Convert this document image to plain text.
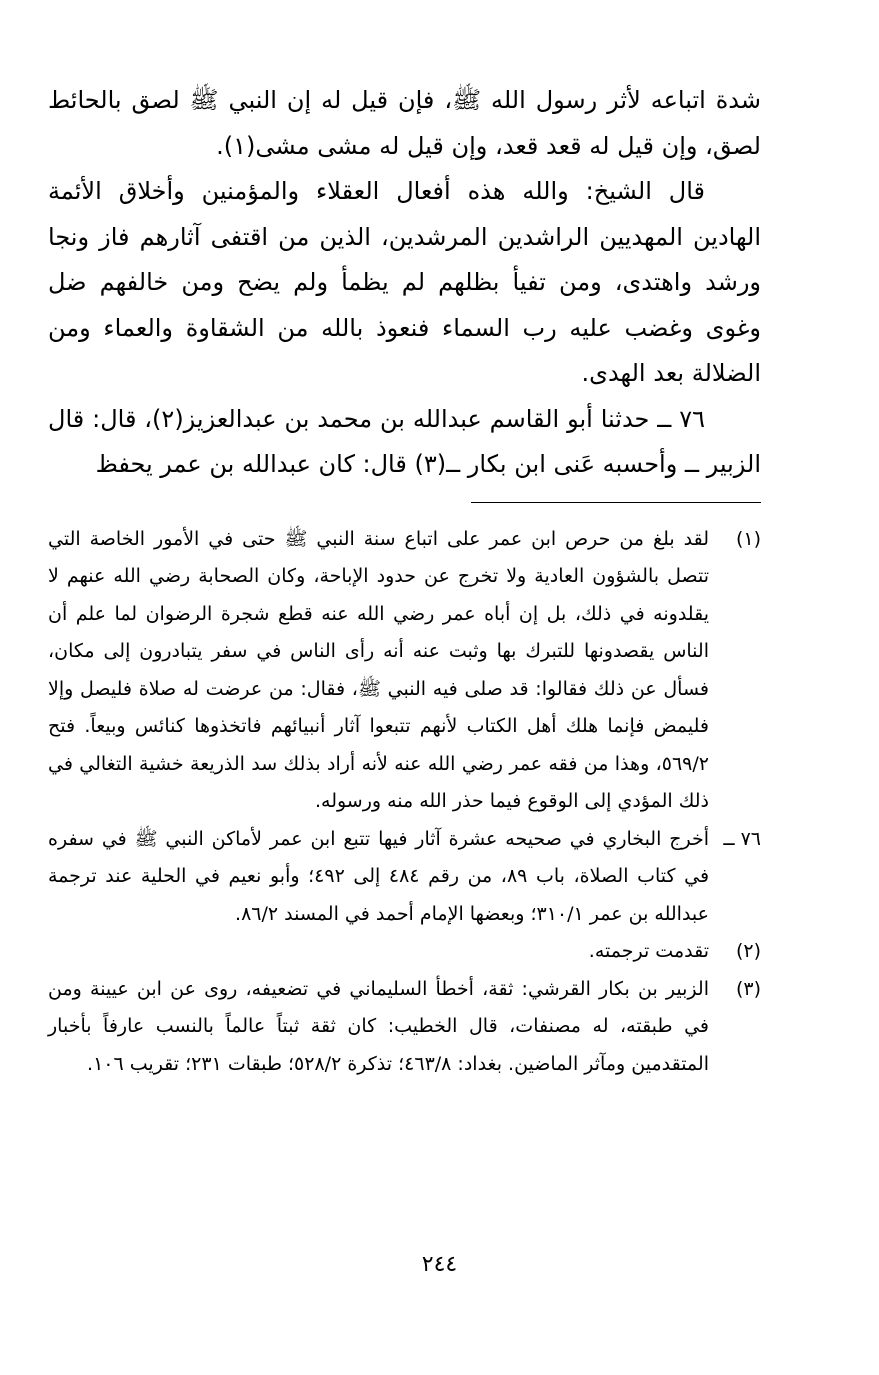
شدة اتباعه لأثر رسول الله ﷺ، فإن قيل له إن النبي ﷺ لصق بالحائط لصق، وإن قيل له قعد قعد، وإن قيل له مشى مشى(١).

قال الشيخ: والله هذه أفعال العقلاء والمؤمنين وأخلاق الأئمة الهادين المهديين الراشدين المرشدين، الذين من اقتفى آثارهم فاز ونجا ورشد واهتدى، ومن تفيأ بظلهم لم يظمأ ولم يضح ومن خالفهم ضل وغوى وغضب عليه رب السماء فنعوذ بالله من الشقاوة والعماء ومن الضلالة بعد الهدى.

٧٦ ــ حدثنا أبو القاسم عبدالله بن محمد بن عبدالعزيز(٢)، قال: قال الزبير ــ وأحسبه عَنى ابن بكار ــ(٣) قال: كان عبدالله بن عمر يحفظ

(١)
لقد بلغ من حرص ابن عمر على اتباع سنة النبي ﷺ حتى في الأمور الخاصة التي تتصل بالشؤون العادية ولا تخرج عن حدود الإباحة، وكان الصحابة رضي الله عنهم لا يقلدونه في ذلك، بل إن أباه عمر رضي الله عنه قطع شجرة الرضوان لما علم أن الناس يقصدونها للتبرك بها وثبت عنه أنه رأى الناس في سفر يتبادرون إلى مكان، فسأل عن ذلك فقالوا: قد صلى فيه النبي ﷺ، فقال: من عرضت له صلاة فليصل وإلا فليمض فإنما هلك أهل الكتاب لأنهم تتبعوا آثار أنبيائهم فاتخذوها كنائس وبيعاً. فتح ٥٦٩/٢، وهذا من فقه عمر رضي الله عنه لأنه أراد بذلك سد الذريعة خشية التغالي في ذلك المؤدي إلى الوقوع فيما حذر الله منه ورسوله.
٧٦ ــ
أخرج البخاري في صحيحه عشرة آثار فيها تتبع ابن عمر لأماكن النبي ﷺ في سفره في كتاب الصلاة، باب ٨٩، من رقم ٤٨٤ إلى ٤٩٢؛ وأبو نعيم في الحلية عند ترجمة عبدالله بن عمر ٣١٠/١؛ وبعضها الإمام أحمد في المسند ٨٦/٢.
(٢)
تقدمت ترجمته.
(٣)
الزبير بن بكار القرشي: ثقة، أخطأ السليماني في تضعيفه، روى عن ابن عيينة ومن في طبقته، له مصنفات، قال الخطيب: كان ثقة ثبتاً عالماً بالنسب عارفاً بأخبار المتقدمين ومآثر الماضين. بغداد: ٤٦٣/٨؛ تذكرة ٥٢٨/٢؛ طبقات ٢٣١؛ تقريب ١٠٦.
٢٤٤
